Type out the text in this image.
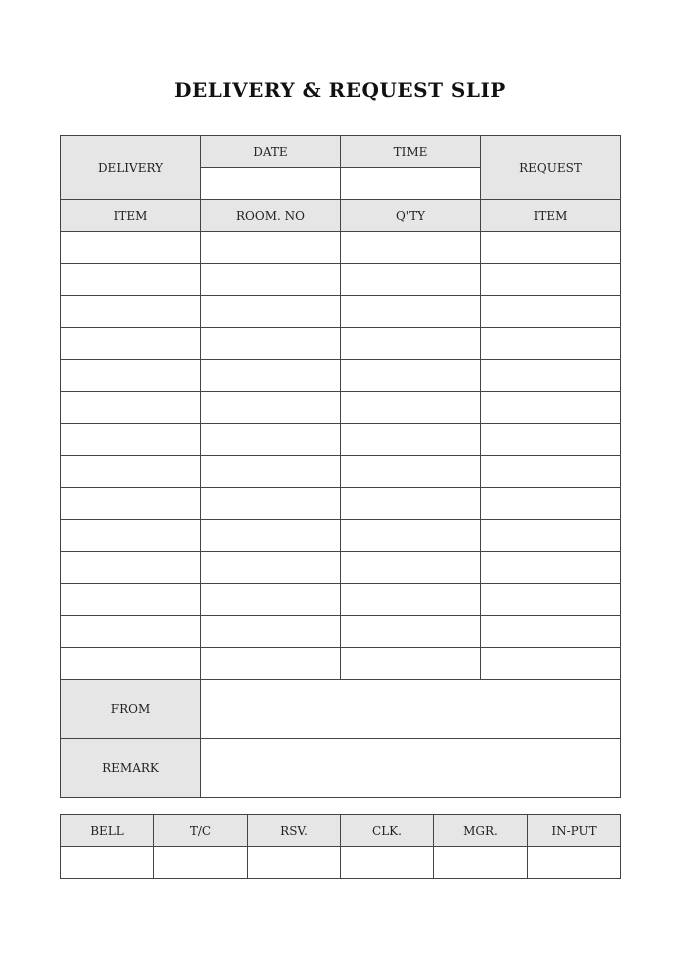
DELIVERY & REQUEST SLIP
DELIVERY	DATE	TIME	REQUEST

ITEM	ROOM. NO	Q'TY	ITEM

FROM			
REMARK			
BELL	T/C	RSV.	CLK.	MGR.	IN-PUT
